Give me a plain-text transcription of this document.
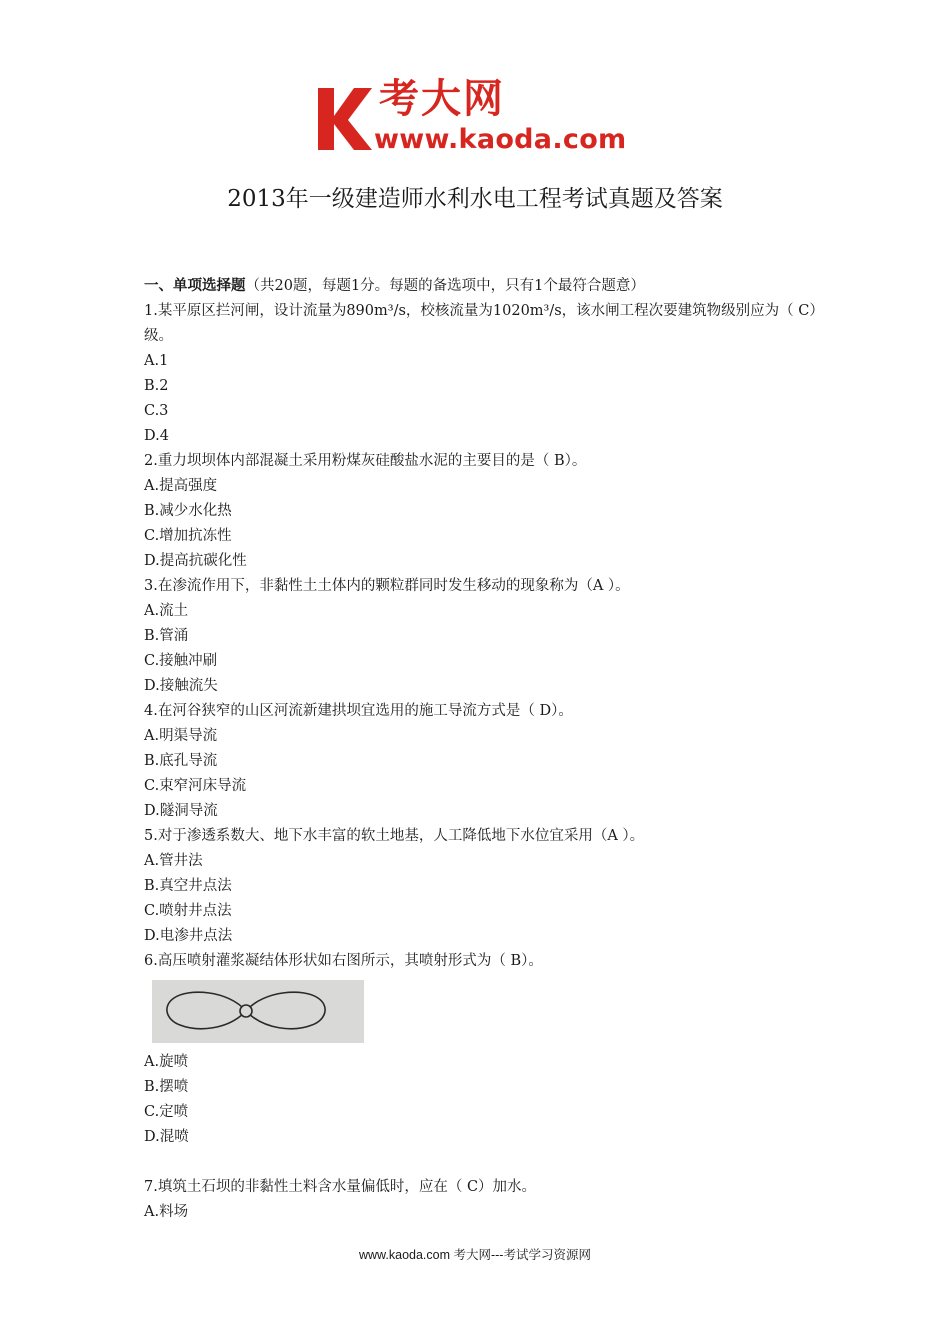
考大网
www.kaoda.com
2013年一级建造师水利水电工程考试真题及答案
一、单项选择题（共20题，每题1分。每题的备选项中，只有1个最符合题意）
1.某平原区拦河闸，设计流量为890m³/s，校核流量为1020m³/s，该水闸工程次要建筑物级别应为（ C）级。
A.1
B.2
C.3
D.4
2.重力坝坝体内部混凝土采用粉煤灰硅酸盐水泥的主要目的是（ B）。
A.提高强度
B.减少水化热
C.增加抗冻性
D.提高抗碳化性
3.在渗流作用下，非黏性土土体内的颗粒群同时发生移动的现象称为（A ）。
A.流土
B.管涌
C.接触冲刷
D.接触流失
4.在河谷狭窄的山区河流新建拱坝宜选用的施工导流方式是（ D）。
A.明渠导流
B.底孔导流
C.束窄河床导流
D.隧洞导流
5.对于渗透系数大、地下水丰富的软土地基，人工降低地下水位宜采用（A ）。
A.管井法
B.真空井点法
C.喷射井点法
D.电渗井点法
6.高压喷射灌浆凝结体形状如右图所示，其喷射形式为（ B）。
A.旋喷
B.摆喷
C.定喷
D.混喷
7.填筑土石坝的非黏性土料含水量偏低时，应在（ C）加水。
A.料场
www.kaoda.com 考大网---考试学习资源网
